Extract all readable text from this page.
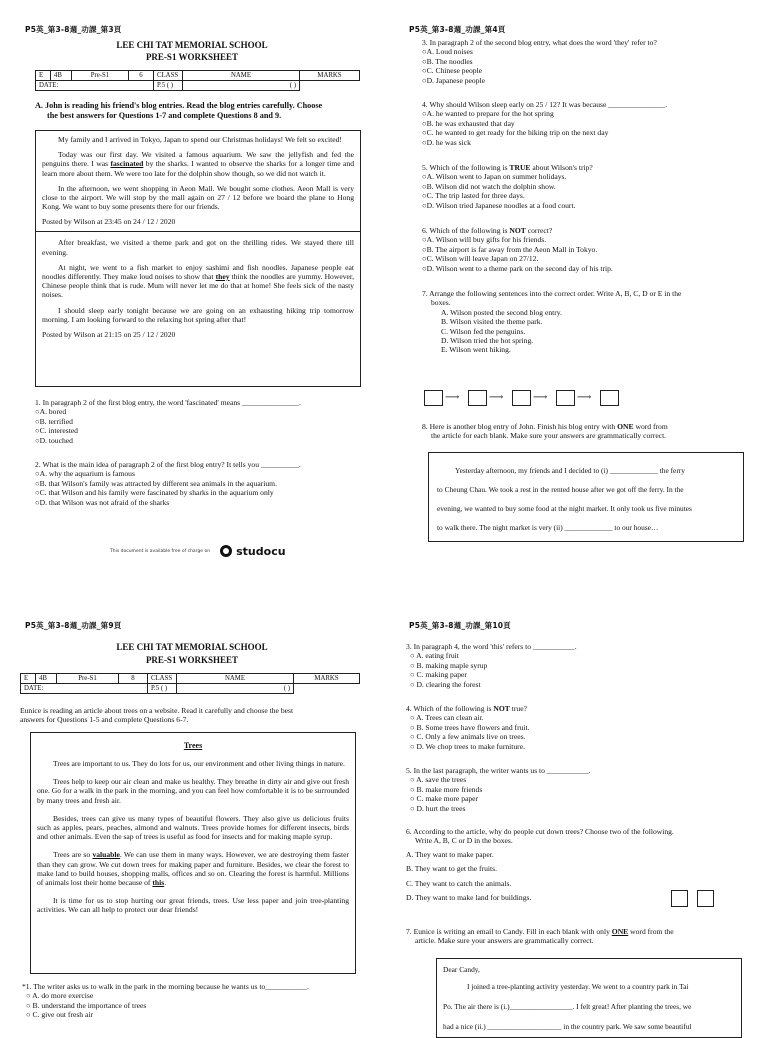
P5英_第3-8週_功課_第3頁
LEE CHI TAT MEMORIAL SCHOOL
PRE-S1 WORKSHEET
E	4B	Pre-S1	6	CLASS	NAME	MARKS
DATE:				P.5 ( )	( )	
A. John is reading his friend's blog entries. Read the blog entries carefully. Choose
the best answers for Questions 1-7 and complete Questions 8 and 9.

My family and I arrived in Tokyo, Japan to spend our Christmas holidays! We felt so excited!

Today was our first day. We visited a famous aquarium. We saw the jellyfish and fed the penguins there. I was fascinated by the sharks. I wanted to observe the sharks for a longer time and learn more about them. We were too late for the dolphin show though, so we did not watch it.

In the afternoon, we went shopping in Aeon Mall. We bought some clothes. Aeon Mall is very close to the airport. We will stop by the mall again on 27 / 12 before we board the plane to Hong Kong. We want to buy some presents there for our friends.

Posted by Wilson at 23:45 on 24 / 12 / 2020

After breakfast, we visited a theme park and got on the thrilling rides. We stayed there till evening.

At night, we went to a fish market to enjoy sashimi and fish noodles. Japanese people eat noodles differently. They make loud noises to show that they think the noodles are yummy. However, Chinese people think that is rude. Mum will never let me do that at home! She feels sick of the nasty noises.

I should sleep early tonight because we are going on an exhausting hiking trip tomorrow morning. I am looking forward to the relaxing hot spring after that!

Posted by Wilson at 21:15 on 25 / 12 / 2020

1. In paragraph 2 of the first blog entry, the word 'fascinated' means _______________.
○A. bored
○B. terrified
○C. interested
○D. touched
2. What is the main idea of paragraph 2 of the first blog entry? It tells you __________.
○A. why the aquarium is famous
○B. that Wilson's family was attracted by different sea animals in the aquarium.
○C. that Wilson and his family were fascinated by sharks in the aquarium only
○D. that Wilson was not afraid of the sharks
This document is available free of charge on studocu
P5英_第3-8週_功課_第4頁
3. In paragraph 2 of the second blog entry, what does the word 'they' refer to?
○A. Loud noises
○B. The noodles
○C. Chinese people
○D. Japanese people
4. Why should Wilson sleep early on 25 / 12? It was because _______________.
○A. he wanted to prepare for the hot spring
○B. he was exhausted that day
○C. he wanted to get ready for the hiking trip on the next day
○D. he was sick
5. Which of the following is TRUE about Wilson's trip?
○A. Wilson went to Japan on summer holidays.
○B. Wilson did not watch the dolphin show.
○C. The trip lasted for three days.
○D. Wilson tried Japanese noodles at a food court.
6. Which of the following is NOT correct?
○A. Wilson will buy gifts for his friends.
○B. The airport is far away from the Aeon Mall in Tokyo.
○C. Wilson will leave Japan on 27/12.
○D. Wilson went to a theme park on the second day of his trip.
7. Arrange the following sentences into the correct order. Write A, B, C, D or E in the
boxes.
A. Wilson posted the second blog entry.
B. Wilson visited the theme park.
C. Wilson fed the penguins.
D. Wilson tried the hot spring.
E. Wilson went hiking.
⟶	⟶	⟶	⟶
8. Here is another blog entry of John. Finish his blog entry with ONE word from
the article for each blank. Make sure your answers are grammatically correct.
Yesterday afternoon, my friends and I decided to (i) _____________ the ferry
to Cheung Chau. We took a rest in the rented house after we got off the ferry. In the
evening, we wanted to buy some food at the night market. It only took us five minutes
to walk there. The night market is very (ii) _____________ to our house…
P5英_第3-8週_功課_第9頁
LEE CHI TAT MEMORIAL SCHOOL
PRE-S1 WORKSHEET
E	4B	Pre-S1	8	CLASS	NAME	MARKS
DATE:				P.5 ( )	( )	
Eunice is reading an article about trees on a website. Read it carefully and choose the best
answers for Questions 1-5 and complete Questions 6-7.
Trees

Trees are important to us. They do lots for us, our environment and other living things in nature.

Trees help to keep our air clean and make us healthy. They breathe in dirty air and give out fresh one. Go for a walk in the park in the morning, and you can feel how comfortable it is to be surrounded by many trees and fresh air.

Besides, trees can give us many types of beautiful flowers. They also give us delicious fruits such as apples, pears, peaches, almond and walnuts. Trees provide homes for different insects, birds and other animals. Even the sap of trees is useful as food for insects and for making maple syrup.

Trees are so valuable. We can use them in many ways. However, we are destroying them faster than they can grow. We cut down trees for making paper and furniture. Besides, we clear the forest to make land to build houses, shopping malls, offices and so on. Clearing the forest is harmful. Millions of animals lost their home because of this.

It is time for us to stop hurting our great friends, trees. Use less paper and join tree-planting activities. We can all help to protect our dear friends!

*1. The writer asks us to walk in the park in the morning because he wants us to___________.
○ A. do more exercise
○ B. understand the importance of trees
○ C. give out fresh air
P5英_第3-8週_功課_第10頁
3. In paragraph 4, the word 'this' refers to ___________.
○ A. eating fruit
○ B. making maple syrup
○ C. making paper
○ D. clearing the forest
4. Which of the following is NOT true?
○ A. Trees can clean air.
○ B. Some trees have flowers and fruit.
○ C. Only a few animals live on trees.
○ D. We chop trees to make furniture.
5. In the last paragraph, the writer wants us to ___________.
○ A. save the trees
○ B. make more friends
○ C. make more paper
○ D. hurt the trees
6. According to the article, why do people cut down trees? Choose two of the following.
Write A, B, C or D in the boxes.
A. They want to make paper.
B. They want to get the fruits.
C. They want to catch the animals.
D. They want to make land for buildings.
7. Eunice is writing an email to Candy. Fill in each blank with only ONE word from the
article. Make sure your answers are grammatically correct.
Dear Candy,
I joined a tree-planting activity yesterday. We went to a country park in Tai
Po. The air there is (i.)_________________. I felt great! After planting the trees, we
had a nice (ii.) ____________________ in the country park. We saw some beautiful
